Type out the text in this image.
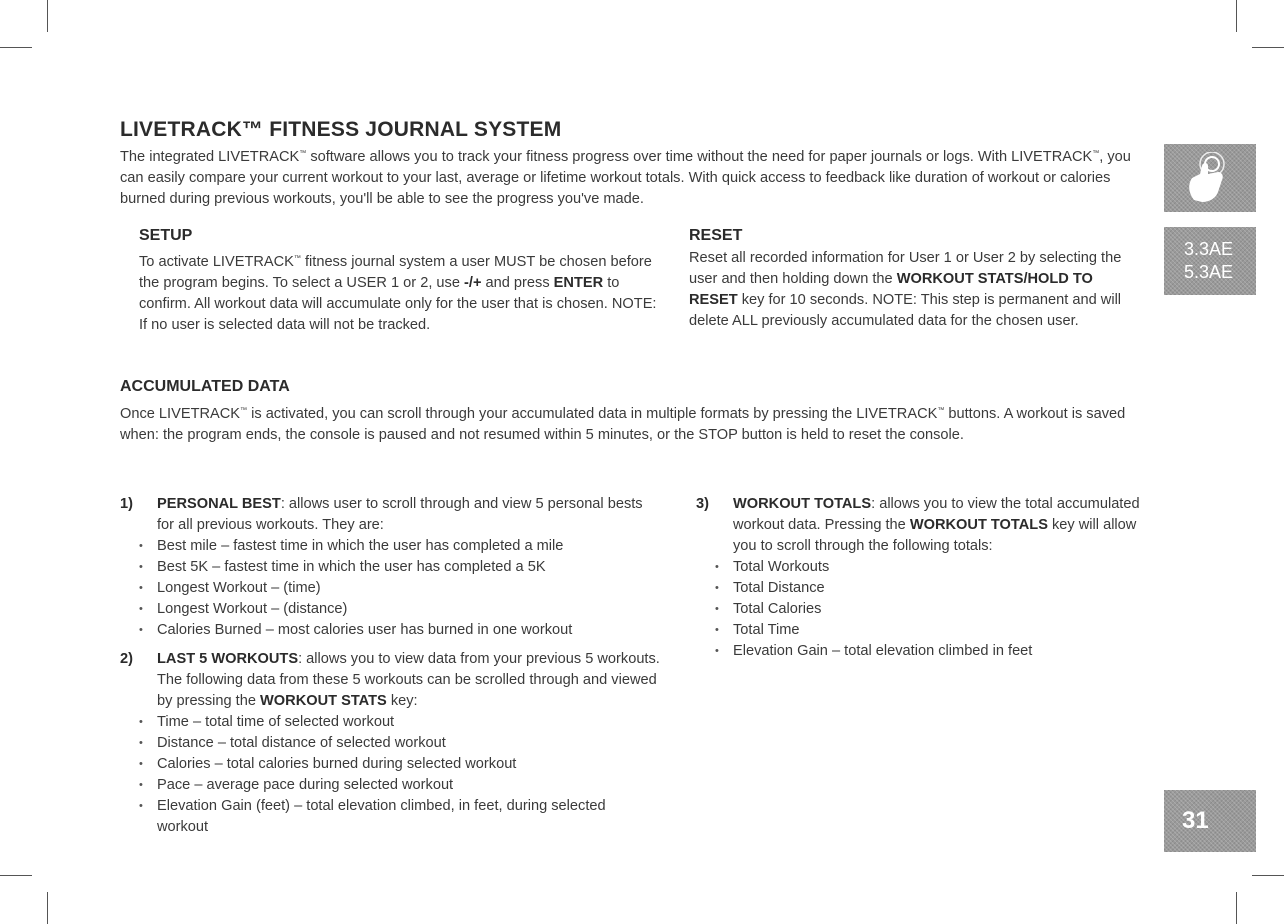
LIVETRACK™ FITNESS JOURNAL SYSTEM

The integrated LIVETRACK™ software allows you to track your fitness progress over time without the need for paper journals or logs. With LIVETRACK™, you can easily compare your current workout to your last, average or lifetime workout totals. With quick access to feedback like duration of workout or calories burned during previous workouts, you'll be able to see the progress you've made.

SETUP

To activate LIVETRACK™ fitness journal system a user MUST be chosen before the program begins. To select a USER 1 or 2, use -/+ and press ENTER to confirm. All workout data will accumulate only for the user that is chosen. NOTE: If no user is selected data will not be tracked.

RESET

Reset all recorded information for User 1 or User 2 by selecting the user and then holding down the WORKOUT STATS/HOLD TO RESET key for 10 seconds. NOTE: This step is permanent and will delete ALL previously accumulated data for the chosen user.

ACCUMULATED DATA

Once LIVETRACK™ is activated, you can scroll through your accumulated data in multiple formats by pressing the LIVETRACK™ buttons. A workout is saved when: the program ends, the console is paused and not resumed within 5 minutes, or the STOP button is held to reset the console.

1) PERSONAL BEST: allows user to scroll through and view 5 personal bests for all previous workouts. They are:
• Best mile – fastest time in which the user has completed a mile
• Best 5K – fastest time in which the user has completed a 5K
• Longest Workout – (time)
• Longest Workout – (distance)
• Calories Burned – most calories user has burned in one workout
2) LAST 5 WORKOUTS: allows you to view data from your previous 5 workouts. The following data from these 5 workouts can be scrolled through and viewed by pressing the WORKOUT STATS key:
• Time – total time of selected workout
• Distance – total distance of selected workout
• Calories – total calories burned during selected workout
• Pace – average pace during selected workout
• Elevation Gain (feet) – total elevation climbed, in feet, during selected workout
3) WORKOUT TOTALS: allows you to view the total accumulated workout data. Pressing the WORKOUT TOTALS key will allow you to scroll through the following totals:
• Total Workouts
• Total Distance
• Total Calories
• Total Time
• Elevation Gain – total elevation climbed in feet
3.3AE
5.3AE
31
